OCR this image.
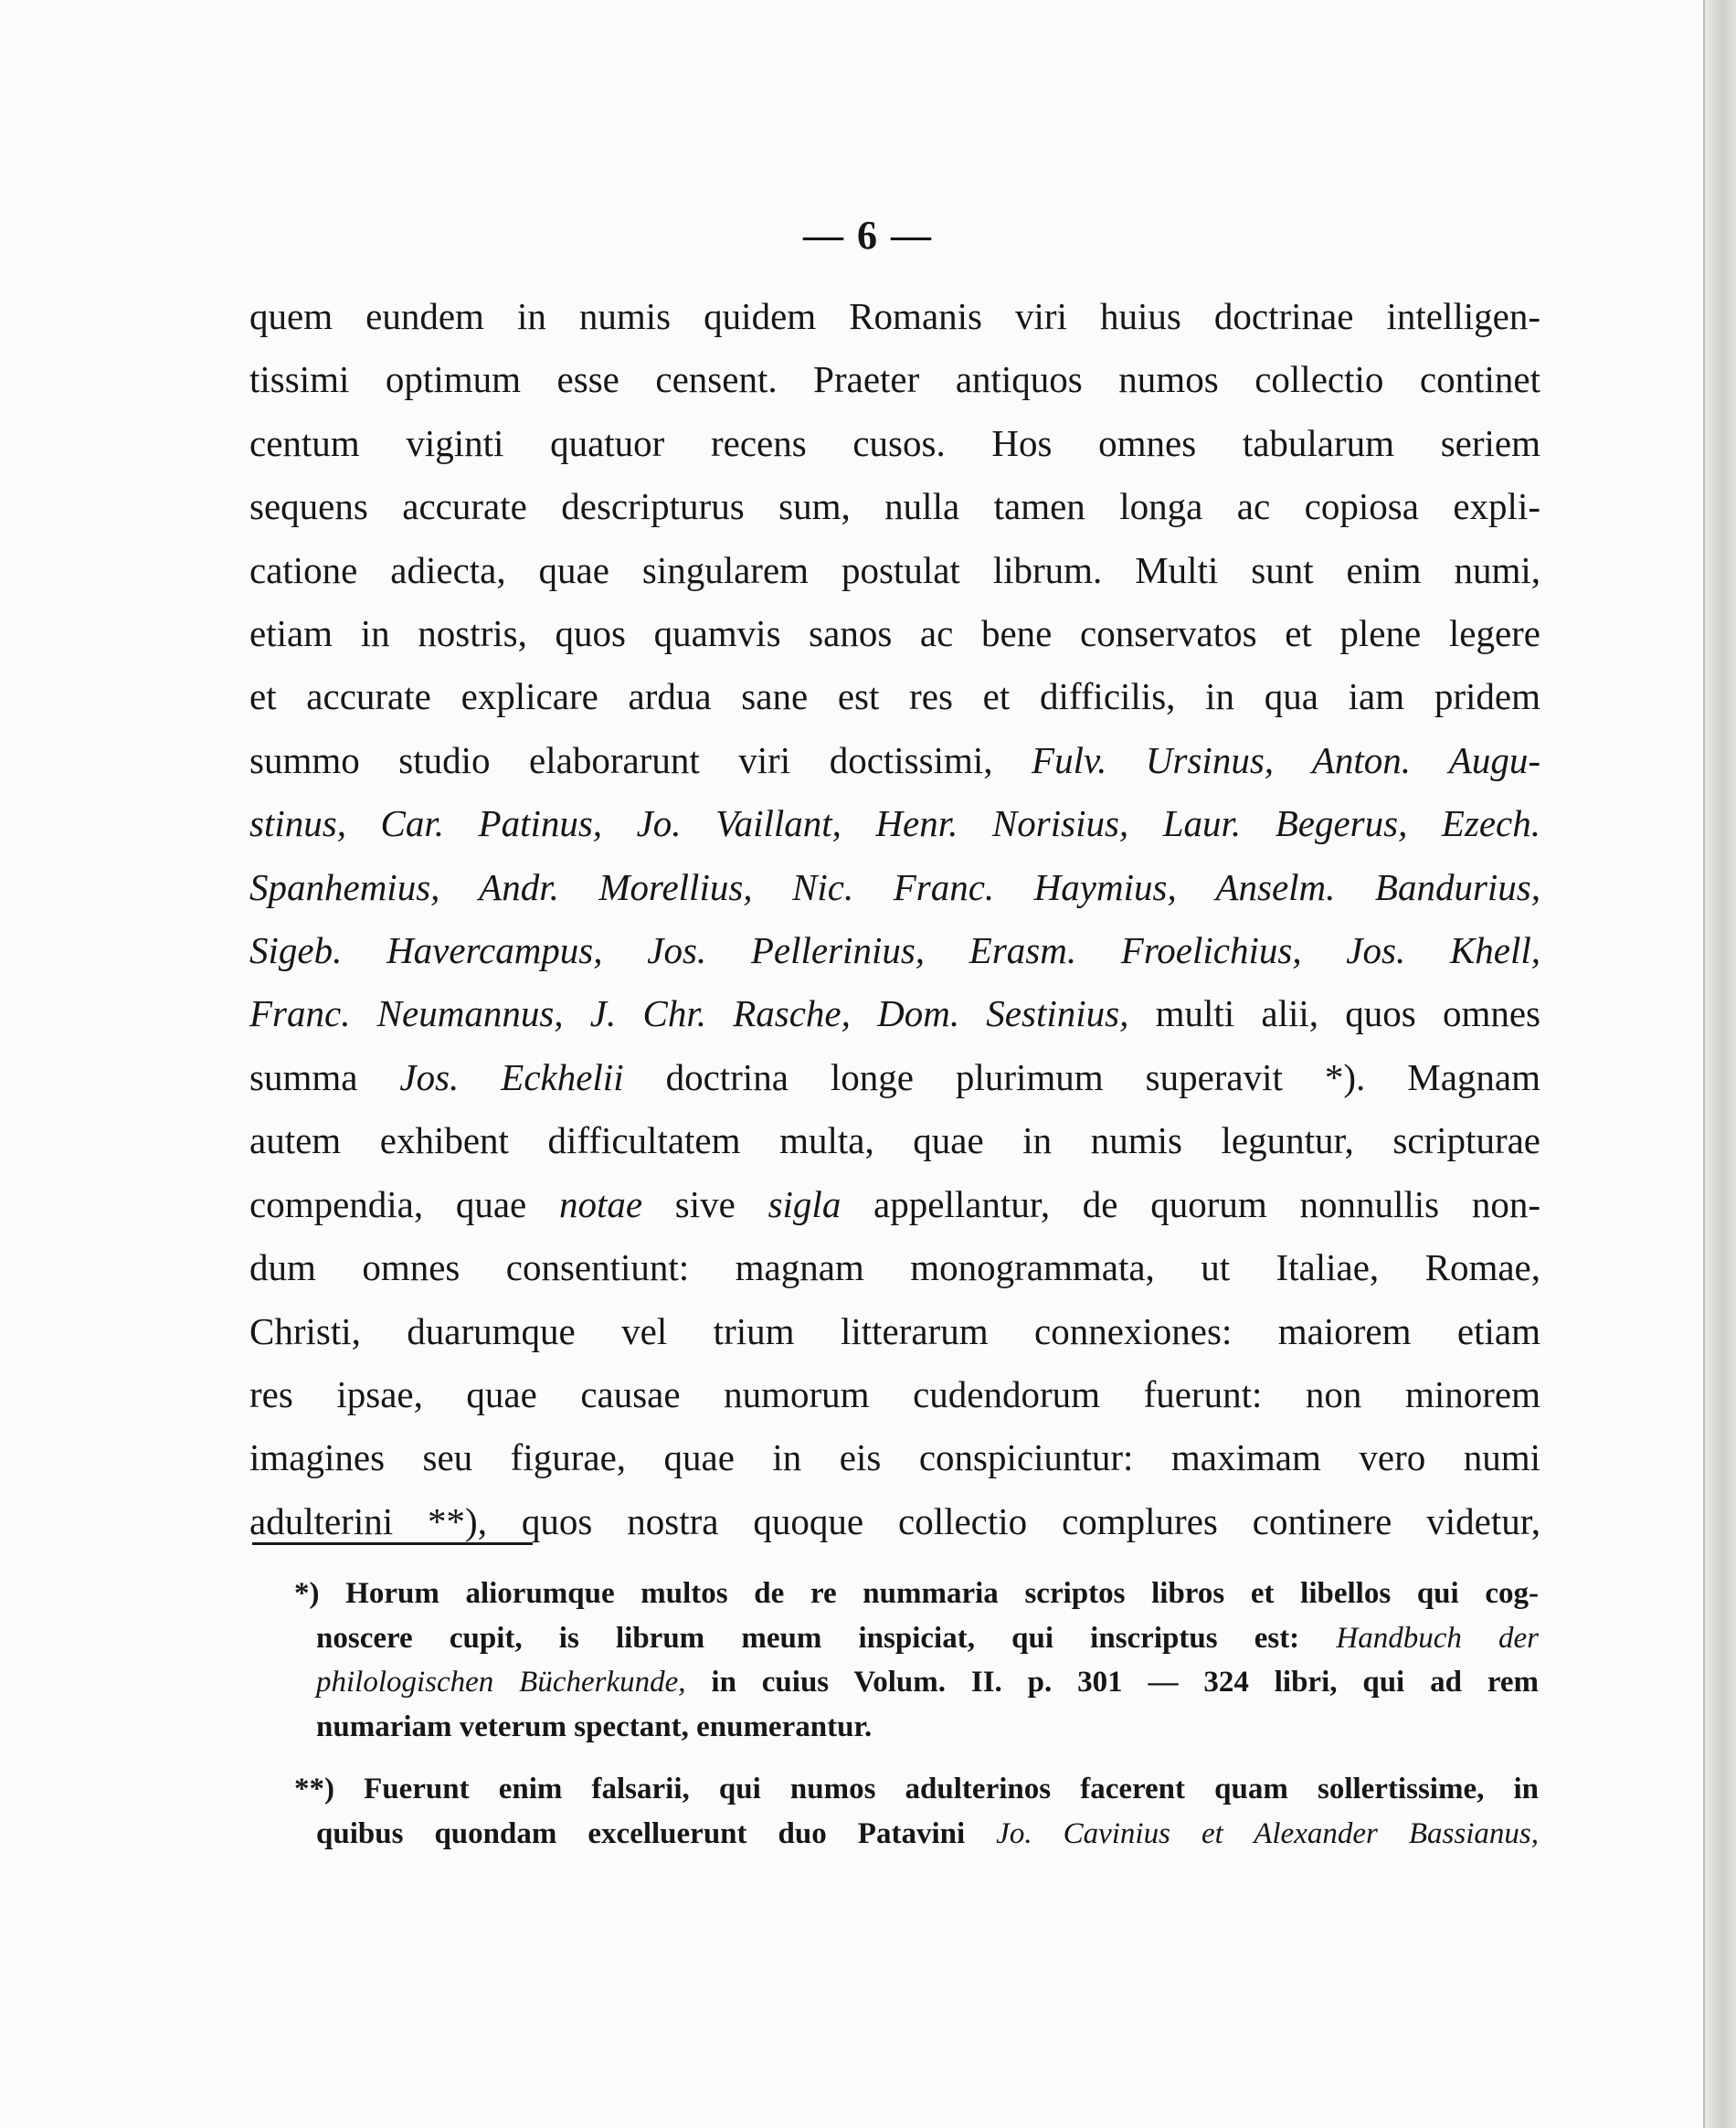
— 6 —
quem eundem in numis quidem Romanis viri huius doctrinae intelligen-
tissimi optimum esse censent. Praeter antiquos numos collectio continet
centum viginti quatuor recens cusos. Hos omnes tabularum seriem
sequens accurate descripturus sum, nulla tamen longa ac copiosa expli-
catione adiecta, quae singularem postulat librum. Multi sunt enim numi,
etiam in nostris, quos quamvis sanos ac bene conservatos et plene legere
et accurate explicare ardua sane est res et difficilis, in qua iam pridem
summo studio elaborarunt viri doctissimi, Fulv. Ursinus, Anton. Augu-
stinus, Car. Patinus, Jo. Vaillant, Henr. Norisius, Laur. Begerus, Ezech.
Spanhemius, Andr. Morellius, Nic. Franc. Haymius, Anselm. Bandurius,
Sigeb. Havercampus, Jos. Pellerinius, Erasm. Froelichius, Jos. Khell,
Franc. Neumannus, J. Chr. Rasche, Dom. Sestinius, multi alii, quos omnes
summa Jos. Eckhelii doctrina longe plurimum superavit *). Magnam
autem exhibent difficultatem multa, quae in numis leguntur, scripturae
compendia, quae notae sive sigla appellantur, de quorum nonnullis non-
dum omnes consentiunt: magnam monogrammata, ut Italiae, Romae,
Christi, duarumque vel trium litterarum connexiones: maiorem etiam
res ipsae, quae causae numorum cudendorum fuerunt: non minorem
imagines seu figurae, quae in eis conspiciuntur: maximam vero numi
adulterini **), quos nostra quoque collectio complures continere videtur,
*) Horum aliorumque multos de re nummaria scriptos libros et libellos qui cog-
noscere cupit, is librum meum inspiciat, qui inscriptus est: Handbuch der
philologischen Bücherkunde, in cuius Volum. II. p. 301 — 324 libri, qui ad rem
numariam veterum spectant, enumerantur.
**) Fuerunt enim falsarii, qui numos adulterinos facerent quam sollertissime, in
quibus quondam excelluerunt duo Patavini Jo. Cavinius et Alexander Bassianus,
